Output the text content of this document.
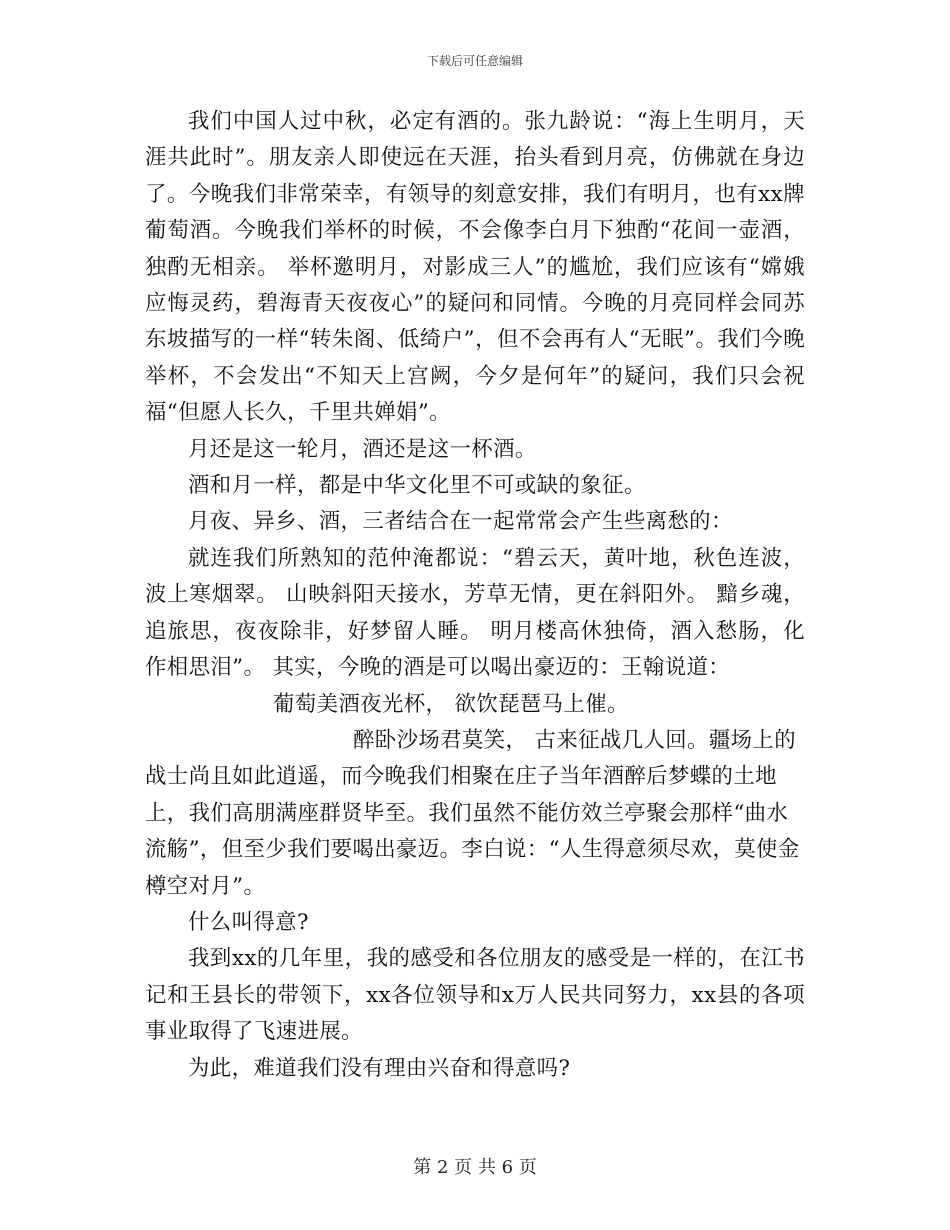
下载后可任意编辑

我们中国人过中秋，必定有酒的。张九龄说：“海上生明月，天涯共此时”。朋友亲人即使远在天涯，抬头看到月亮，仿佛就在身边了。今晚我们非常荣幸，有领导的刻意安排，我们有明月，也有xx牌葡萄酒。今晚我们举杯的时候，不会像李白月下独酌“花间一壶酒，独酌无相亲。 举杯邀明月，对影成三人”的尴尬，我们应该有“嫦娥应悔灵药，碧海青天夜夜心”的疑问和同情。今晚的月亮同样会同苏东坡描写的一样“转朱阁、低绮户”，但不会再有人“无眠”。我们今晚举杯，不会发出“不知天上宫阙，今夕是何年”的疑问，我们只会祝福“但愿人长久，千里共婵娟”。

月还是这一轮月，酒还是这一杯酒。

酒和月一样，都是中华文化里不可或缺的象征。

月夜、异乡、酒，三者结合在一起常常会产生些离愁的：

就连我们所熟知的范仲淹都说：“碧云天，黄叶地，秋色连波，波上寒烟翠。 山映斜阳天接水，芳草无情，更在斜阳外。 黯乡魂，追旅思，夜夜除非，好梦留人睡。 明月楼高休独倚，酒入愁肠，化作相思泪”。 其实，今晚的酒是可以喝出豪迈的：王翰说道：

葡萄美酒夜光杯， 欲饮琵琶马上催。醉卧沙场君莫笑， 古来征战几人回。疆场上的战士尚且如此逍遥，而今晚我们相聚在庄子当年酒醉后梦蝶的土地上，我们高朋满座群贤毕至。我们虽然不能仿效兰亭聚会那样“曲水流觞”，但至少我们要喝出豪迈。李白说：“人生得意须尽欢，莫使金樽空对月”。

什么叫得意?

我到xx的几年里，我的感受和各位朋友的感受是一样的，在江书记和王县长的带领下，xx各位领导和x万人民共同努力，xx县的各项事业取得了飞速进展。

为此，难道我们没有理由兴奋和得意吗?

第 2 页 共 6 页
